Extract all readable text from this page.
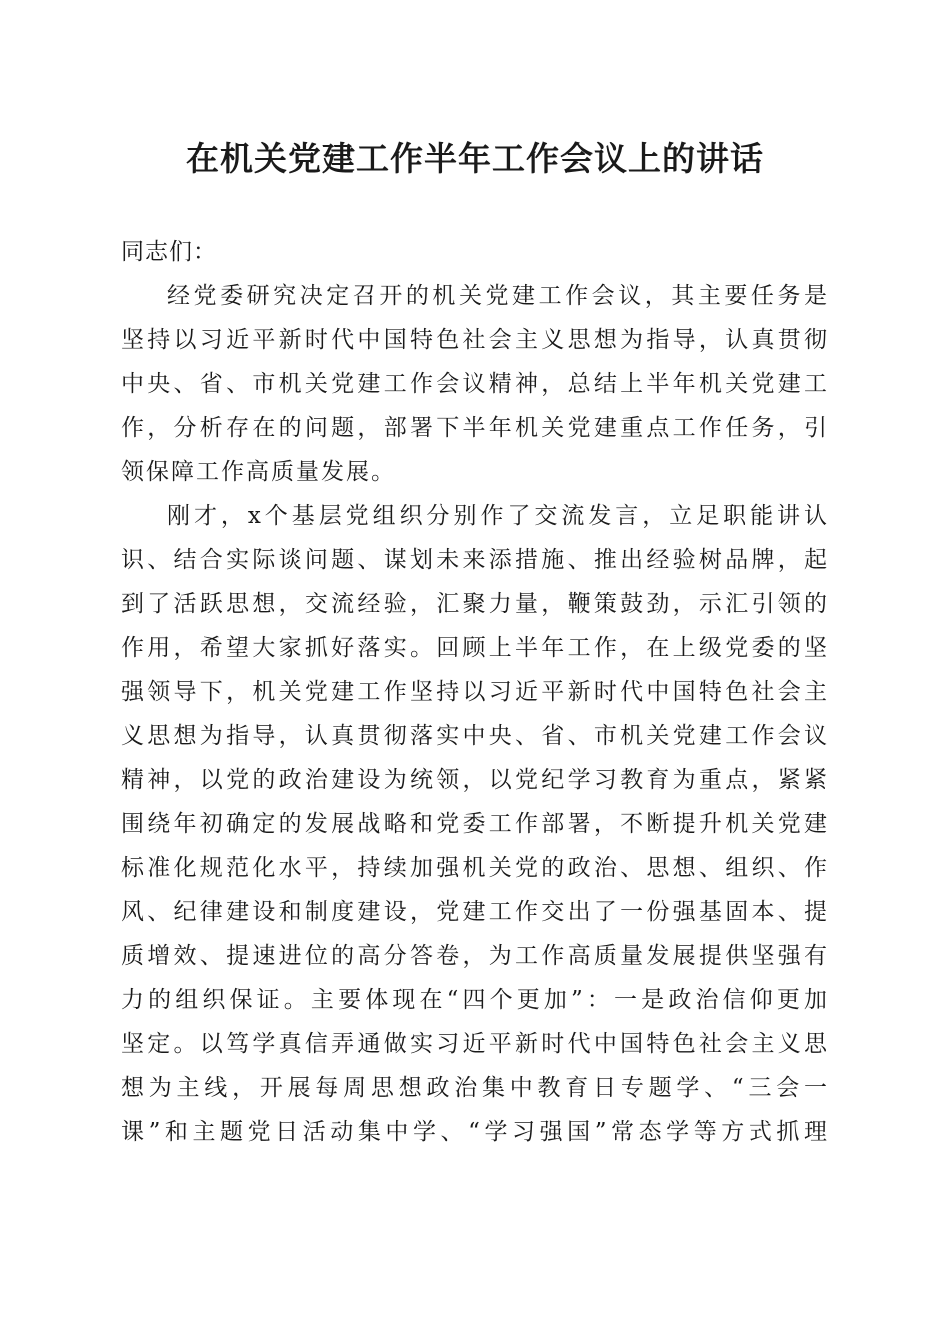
在机关党建工作半年工作会议上的讲话

同志们：

经党委研究决定召开的机关党建工作会议，其主要任务是
坚持以习近平新时代中国特色社会主义思想为指导，认真贯彻
中央、省、市机关党建工作会议精神，总结上半年机关党建工
作，分析存在的问题，部署下半年机关党建重点工作任务，引
领保障工作高质量发展。

刚才，x个基层党组织分别作了交流发言，立足职能讲认
识、结合实际谈问题、谋划未来添措施、推出经验树品牌，起
到了活跃思想，交流经验，汇聚力量，鞭策鼓劲，示汇引领的
作用，希望大家抓好落实。回顾上半年工作，在上级党委的坚
强领导下，机关党建工作坚持以习近平新时代中国特色社会主
义思想为指导，认真贯彻落实中央、省、市机关党建工作会议
精神，以党的政治建设为统领，以党纪学习教育为重点，紧紧
围绕年初确定的发展战略和党委工作部署，不断提升机关党建
标准化规范化水平，持续加强机关党的政治、思想、组织、作
风、纪律建设和制度建设，党建工作交出了一份强基固本、提
质增效、提速进位的高分答卷，为工作高质量发展提供坚强有
力的组织保证。主要体现在“四个更加”：一是政治信仰更加
坚定。以笃学真信弄通做实习近平新时代中国特色社会主义思
想为主线，开展每周思想政治集中教育日专题学、“三会一
课”和主题党日活动集中学、“学习强国”常态学等方式抓理
